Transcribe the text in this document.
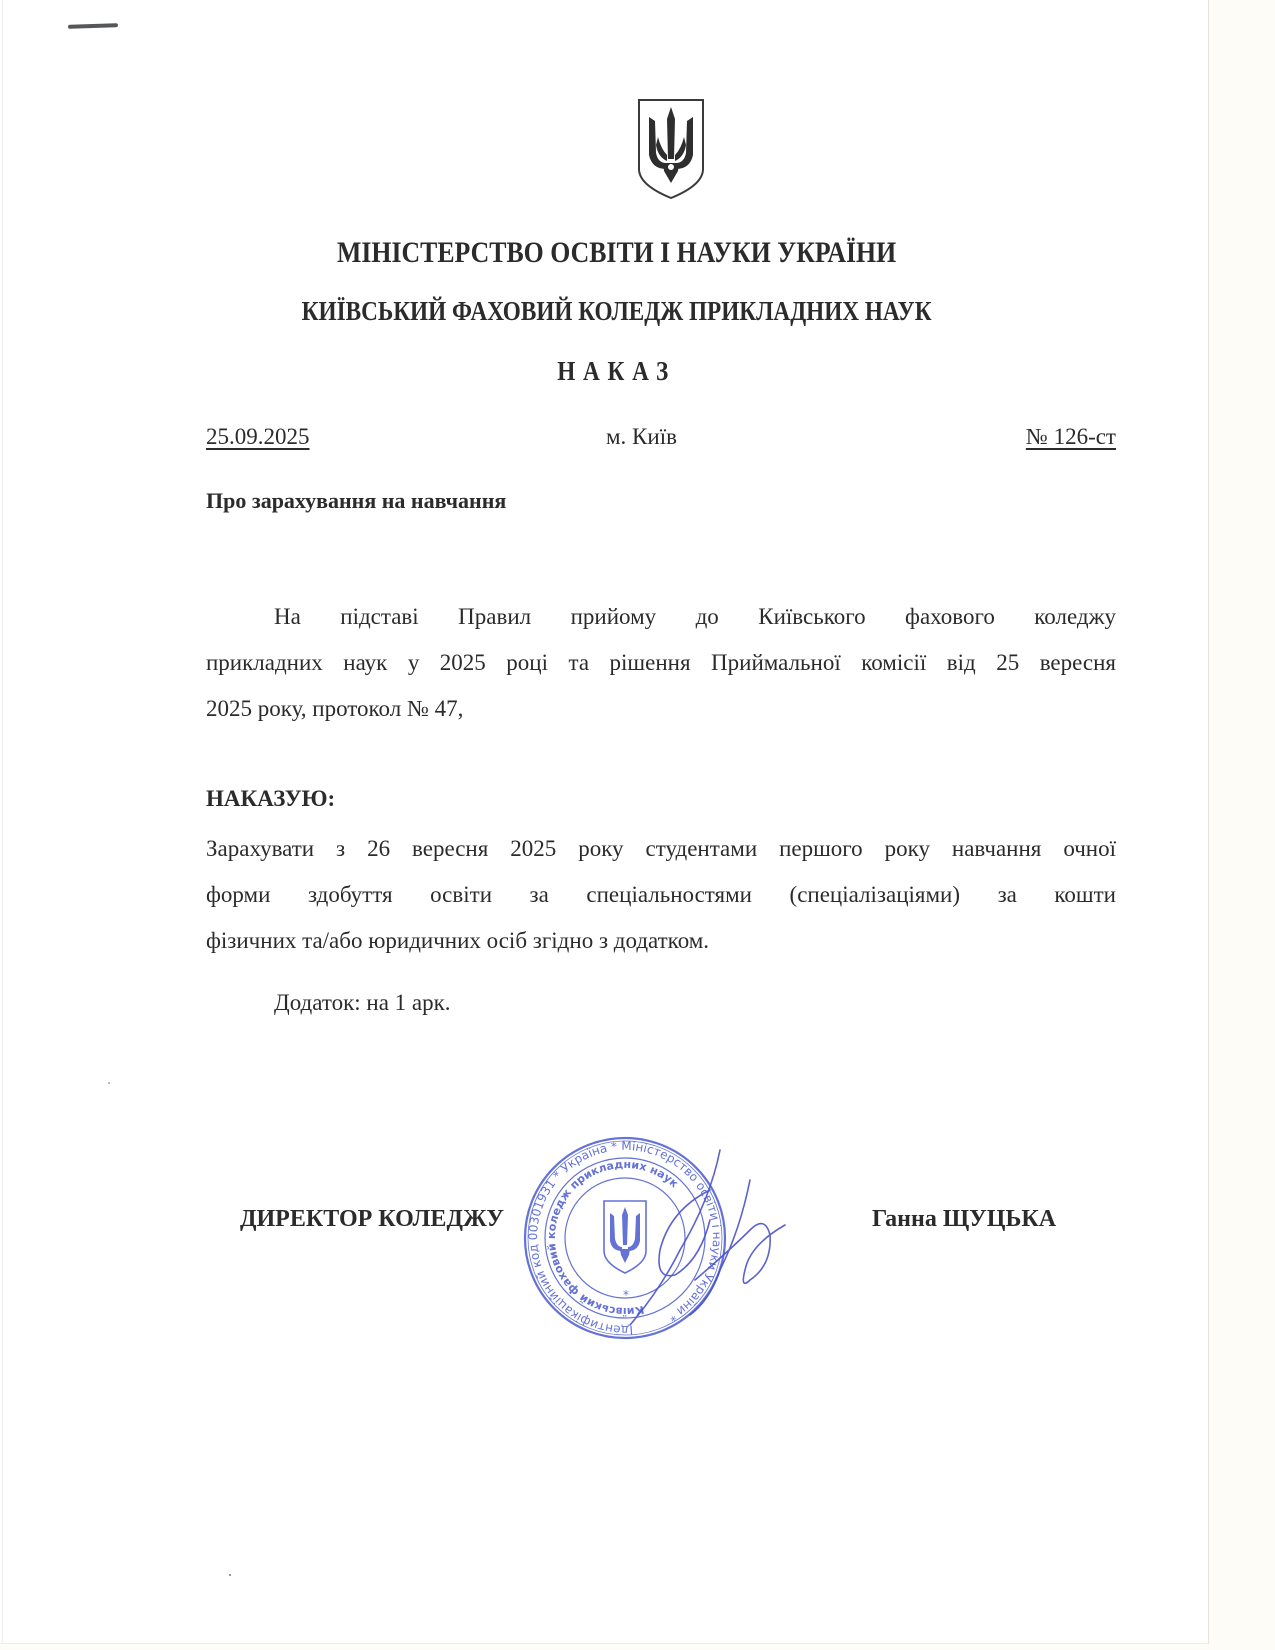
МІНІСТЕРСТВО ОСВІТИ І НАУКИ УКРАЇНИ
КИЇВСЬКИЙ ФАХОВИЙ КОЛЕДЖ ПРИКЛАДНИХ НАУК
НАКАЗ
25.09.2025	м. Київ	№ 126-ст
Про зарахування на навчання
На підставі Правил прийому до Київського фахового коледжу
прикладних наук у 2025 році та рішення Приймальної комісії від 25 вересня
2025 року, протокол № 47,
НАКАЗУЮ:
Зарахувати з 26 вересня 2025 року студентами першого року навчання очної
форми здобуття освіти за спеціальностями (спеціалізаціями) за кошти
фізичних та/або юридичних осіб згідно з додатком.
Додаток: на 1 арк.
ДИРЕКТОР КОЛЕДЖУ	Ганна ЩУЦЬКА
Ідентифікаційний код 00301931 * Україна * Міністерство освіти і науки України *
Київський фаховий коледж прикладних наук
*
